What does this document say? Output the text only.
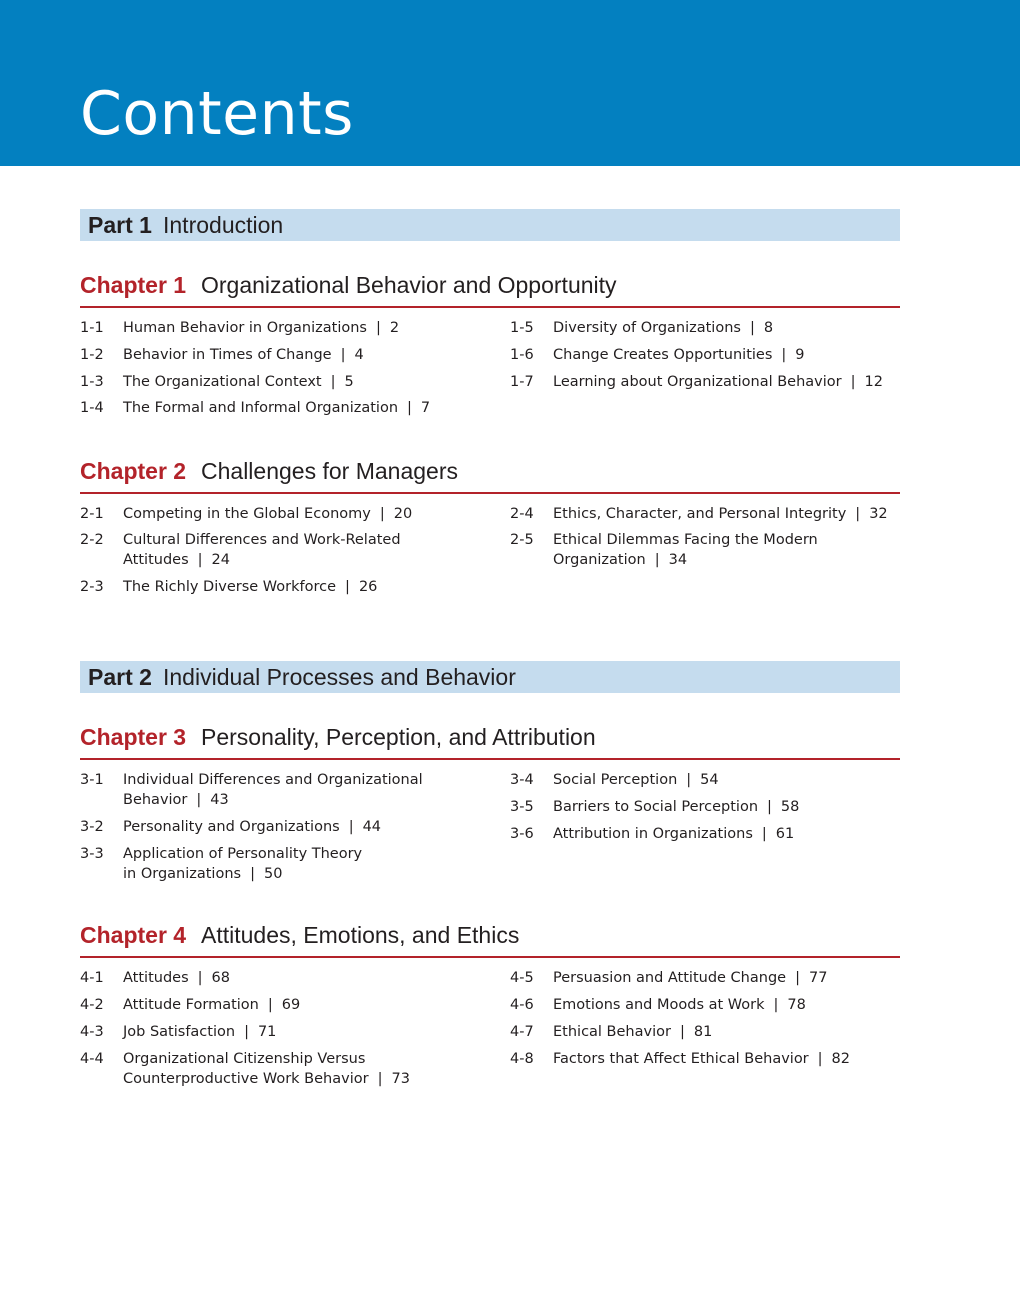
Contents
Part 1 Introduction
Chapter 1 Organizational Behavior and Opportunity
1-1	Human Behavior in Organizations | 2
1-2	Behavior in Times of Change | 4
1-3	The Organizational Context | 5
1-4	The Formal and Informal Organization | 7
1-5	Diversity of Organizations | 8
1-6	Change Creates Opportunities | 9
1-7	Learning about Organizational Behavior | 12
Chapter 2 Challenges for Managers
2-1	Competing in the Global Economy | 20
2-2	Cultural Differences and Work-Related
Attitudes | 24
2-3	The Richly Diverse Workforce | 26
2-4	Ethics, Character, and Personal Integrity | 32
2-5	Ethical Dilemmas Facing the Modern
Organization | 34
Part 2 Individual Processes and Behavior
Chapter 3 Personality, Perception, and Attribution
3-1	Individual Differences and Organizational
Behavior | 43
3-2	Personality and Organizations | 44
3-3	Application of Personality Theory
in Organizations | 50
3-4	Social Perception | 54
3-5	Barriers to Social Perception | 58
3-6	Attribution in Organizations | 61
Chapter 4 Attitudes, Emotions, and Ethics
4-1	Attitudes | 68
4-2	Attitude Formation | 69
4-3	Job Satisfaction | 71
4-4	Organizational Citizenship Versus
Counterproductive Work Behavior | 73
4-5	Persuasion and Attitude Change | 77
4-6	Emotions and Moods at Work | 78
4-7	Ethical Behavior | 81
4-8	Factors that Affect Ethical Behavior | 82
